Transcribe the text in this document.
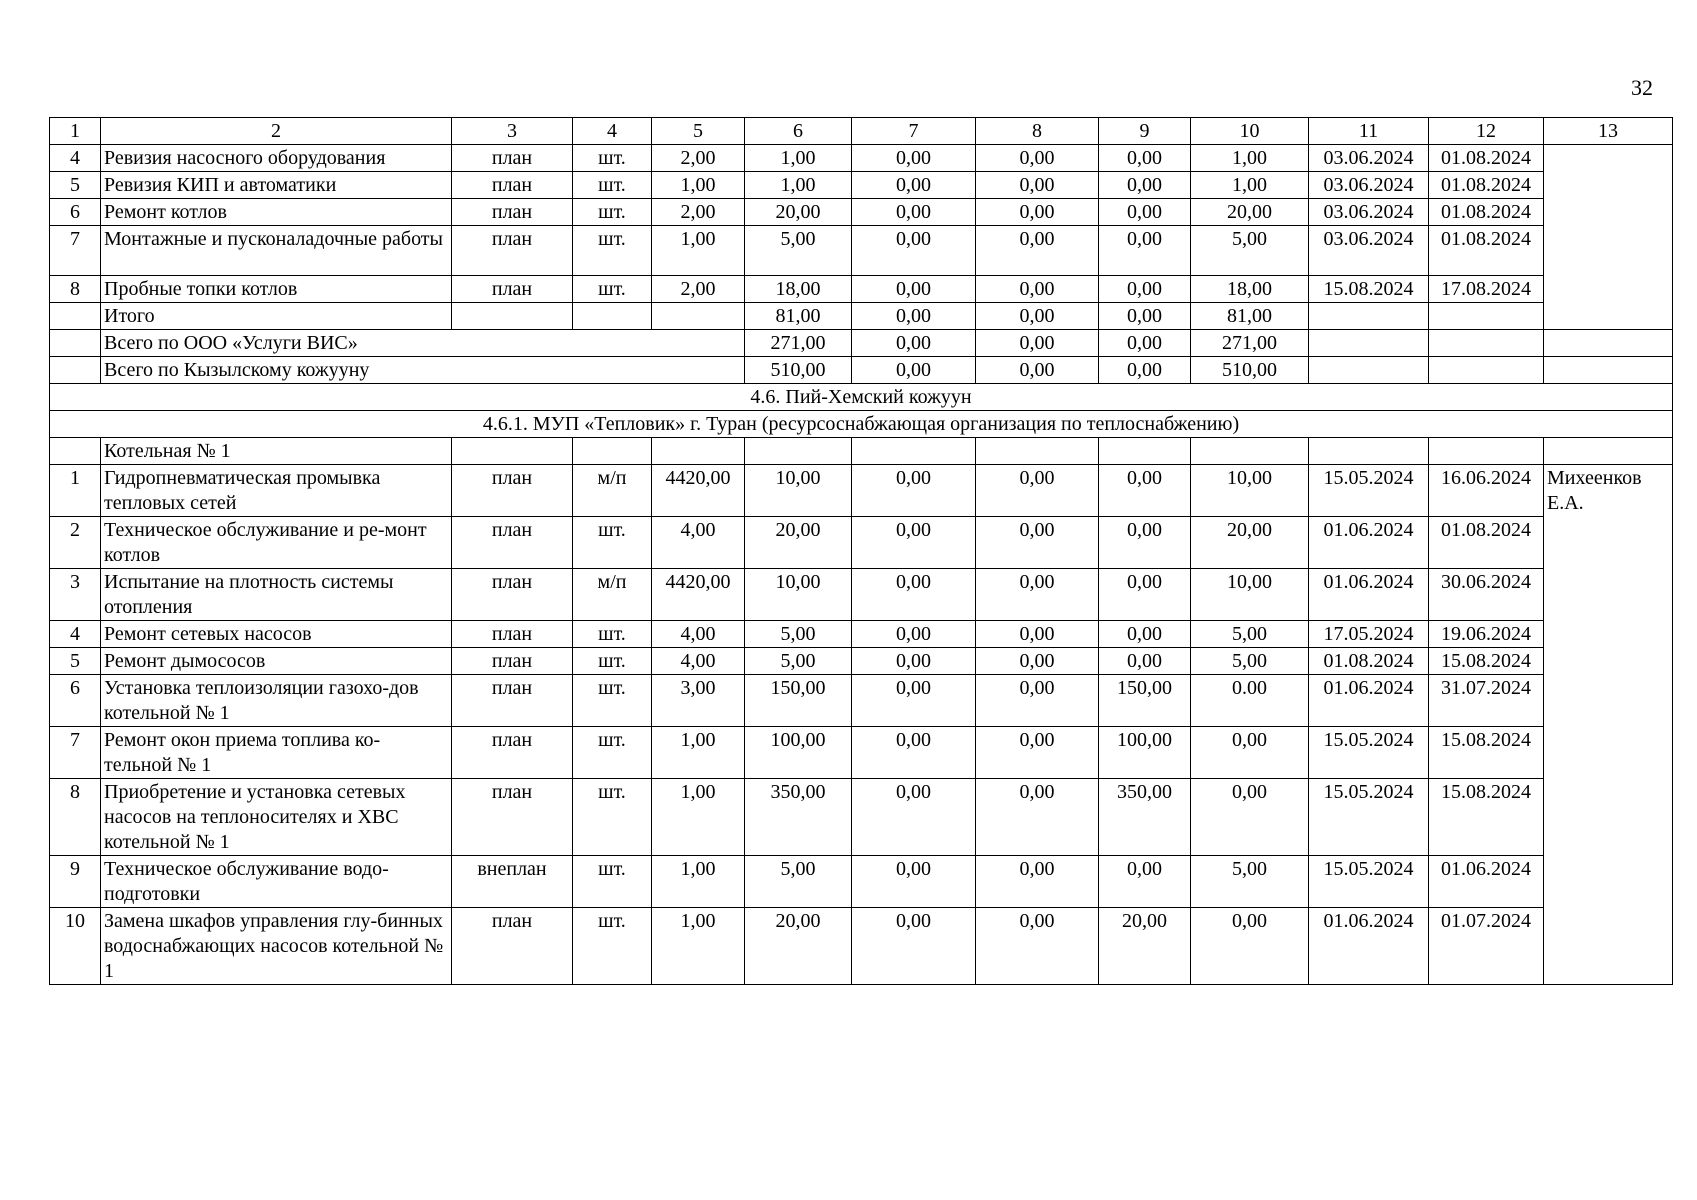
32
1	2	3	4	5	6	7	8	9	10	11	12	13
4	Ревизия насосного оборудования	план	шт.	2,00	1,00	0,00	0,00	0,00	1,00	03.06.2024	01.08.2024	
5	Ревизия КИП и автоматики	план	шт.	1,00	1,00	0,00	0,00	0,00	1,00	03.06.2024	01.08.2024	
6	Ремонт котлов	план	шт.	2,00	20,00	0,00	0,00	0,00	20,00	03.06.2024	01.08.2024	
7	Монтажные и пусконаладочные работы	план	шт.	1,00	5,00	0,00	0,00	0,00	5,00	03.06.2024	01.08.2024	
8	Пробные топки котлов	план	шт.	2,00	18,00	0,00	0,00	0,00	18,00	15.08.2024	17.08.2024	
	Итого				81,00	0,00	0,00	0,00	81,00			
	Всего по ООО «Услуги ВИС»				271,00	0,00	0,00	0,00	271,00			
	Всего по Кызылскому кожууну				510,00	0,00	0,00	0,00	510,00			
4.6. Пий-Хемский кожуун												
4.6.1. МУП «Тепловик» г. Туран (ресурсоснабжающая организация по теплоснабжению)												
	Котельная № 1											
1	Гидропневматическая промывка тепловых сетей	план	м/п	4420,00	10,00	0,00	0,00	0,00	10,00	15.05.2024	16.06.2024	Михеенков Е.А.
2	Техническое обслуживание и ре-монт котлов	план	шт.	4,00	20,00	0,00	0,00	0,00	20,00	01.06.2024	01.08.2024	
3	Испытание на плотность системы отопления	план	м/п	4420,00	10,00	0,00	0,00	0,00	10,00	01.06.2024	30.06.2024	
4	Ремонт сетевых насосов	план	шт.	4,00	5,00	0,00	0,00	0,00	5,00	17.05.2024	19.06.2024	
5	Ремонт дымососов	план	шт.	4,00	5,00	0,00	0,00	0,00	5,00	01.08.2024	15.08.2024	
6	Установка теплоизоляции газохо-дов котельной № 1	план	шт.	3,00	150,00	0,00	0,00	150,00	0.00	01.06.2024	31.07.2024	
7	Ремонт окон приема топлива ко-тельной № 1	план	шт.	1,00	100,00	0,00	0,00	100,00	0,00	15.05.2024	15.08.2024	
8	Приобретение и установка сетевых насосов на теплоносителях и ХВС котельной № 1	план	шт.	1,00	350,00	0,00	0,00	350,00	0,00	15.05.2024	15.08.2024	
9	Техническое обслуживание водо-подготовки	внеплан	шт.	1,00	5,00	0,00	0,00	0,00	5,00	15.05.2024	01.06.2024	
10	Замена шкафов управления глу-бинных водоснабжающих насосов котельной № 1	план	шт.	1,00	20,00	0,00	0,00	20,00	0,00	01.06.2024	01.07.2024	
